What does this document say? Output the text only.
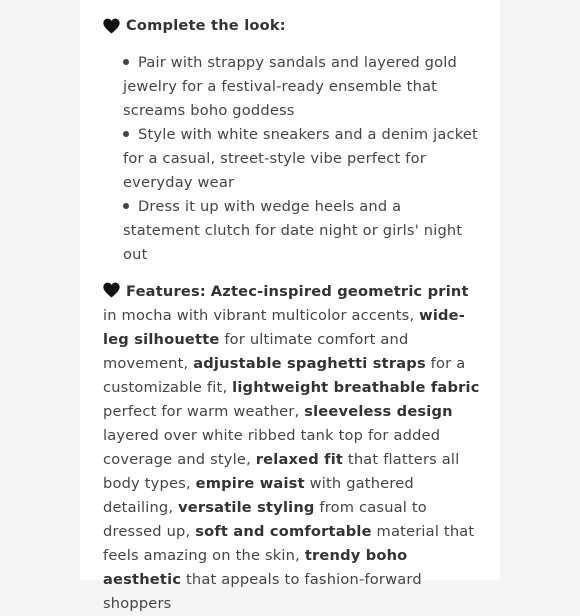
Complete the look:
Pair with strappy sandals and layered gold jewelry for a festival-ready ensemble that screams boho goddess
Style with white sneakers and a denim jacket for a casual, street-style vibe perfect for everyday wear
Dress it up with wedge heels and a statement clutch for date night or girls' night out
Features: Aztec-inspired geometric print in mocha with vibrant multicolor accents, wide-leg silhouette for ultimate comfort and movement, adjustable spaghetti straps for a customizable fit, lightweight breathable fabric perfect for warm weather, sleeveless design layered over white ribbed tank top for added coverage and style, relaxed fit that flatters all body types, empire waist with gathered detailing, versatile styling from casual to dressed up, soft and comfortable material that feels amazing on the skin, trendy boho aesthetic that appeals to fashion-forward shoppers
